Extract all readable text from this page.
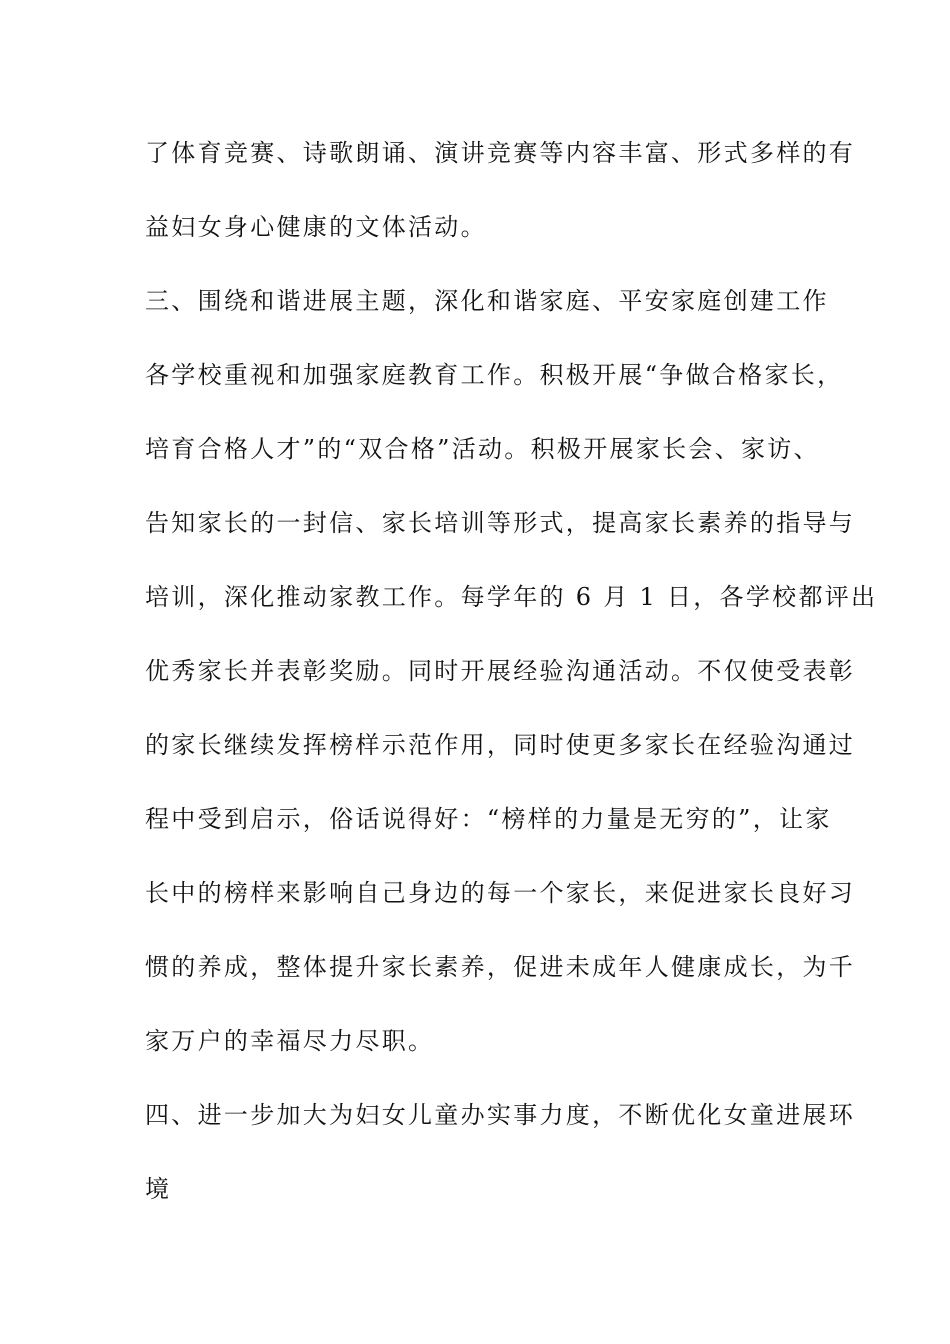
了体育竞赛、诗歌朗诵、演讲竞赛等内容丰富、形式多样的有

益妇女身心健康的文体活动。

三、围绕和谐进展主题，深化和谐家庭、平安家庭创建工作

各学校重视和加强家庭教育工作。积极开展“争做合格家长，

培育合格人才”的“双合格”活动。积极开展家长会、家访、

告知家长的一封信、家长培训等形式，提高家长素养的指导与

培训，深化推动家教工作。每学年的 6 月 1 日，各学校都评出

优秀家长并表彰奖励。同时开展经验沟通活动。不仅使受表彰

的家长继续发挥榜样示范作用，同时使更多家长在经验沟通过

程中受到启示，俗话说得好：“榜样的力量是无穷的”，让家

长中的榜样来影响自己身边的每一个家长，来促进家长良好习

惯的养成，整体提升家长素养，促进未成年人健康成长，为千

家万户的幸福尽力尽职。

四、进一步加大为妇女儿童办实事力度，不断优化女童进展环

境
